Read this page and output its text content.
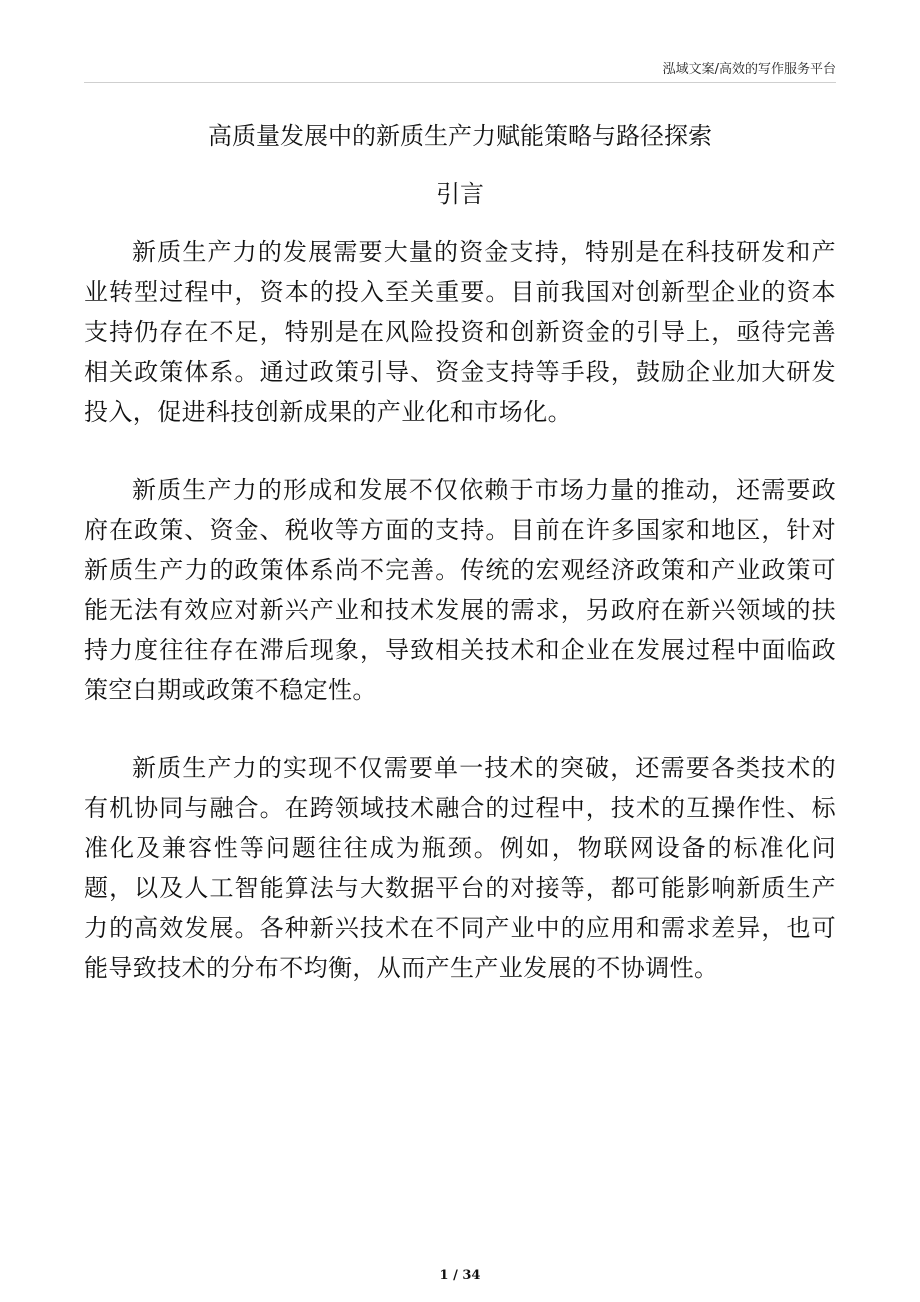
泓域文案/高效的写作服务平台
高质量发展中的新质生产力赋能策略与路径探索
引言

新质生产力的发展需要大量的资金支持，特别是在科技研发和产业转型过程中，资本的投入至关重要。目前我国对创新型企业的资本支持仍存在不足，特别是在风险投资和创新资金的引导上，亟待完善相关政策体系。通过政策引导、资金支持等手段，鼓励企业加大研发投入，促进科技创新成果的产业化和市场化。

新质生产力的形成和发展不仅依赖于市场力量的推动，还需要政府在政策、资金、税收等方面的支持。目前在许多国家和地区，针对新质生产力的政策体系尚不完善。传统的宏观经济政策和产业政策可能无法有效应对新兴产业和技术发展的需求，另政府在新兴领域的扶持力度往往存在滞后现象，导致相关技术和企业在发展过程中面临政策空白期或政策不稳定性。

新质生产力的实现不仅需要单一技术的突破，还需要各类技术的有机协同与融合。在跨领域技术融合的过程中，技术的互操作性、标准化及兼容性等问题往往成为瓶颈。例如，物联网设备的标准化问题，以及人工智能算法与大数据平台的对接等，都可能影响新质生产力的高效发展。各种新兴技术在不同产业中的应用和需求差异，也可能导致技术的分布不均衡，从而产生产业发展的不协调性。

1 / 34
